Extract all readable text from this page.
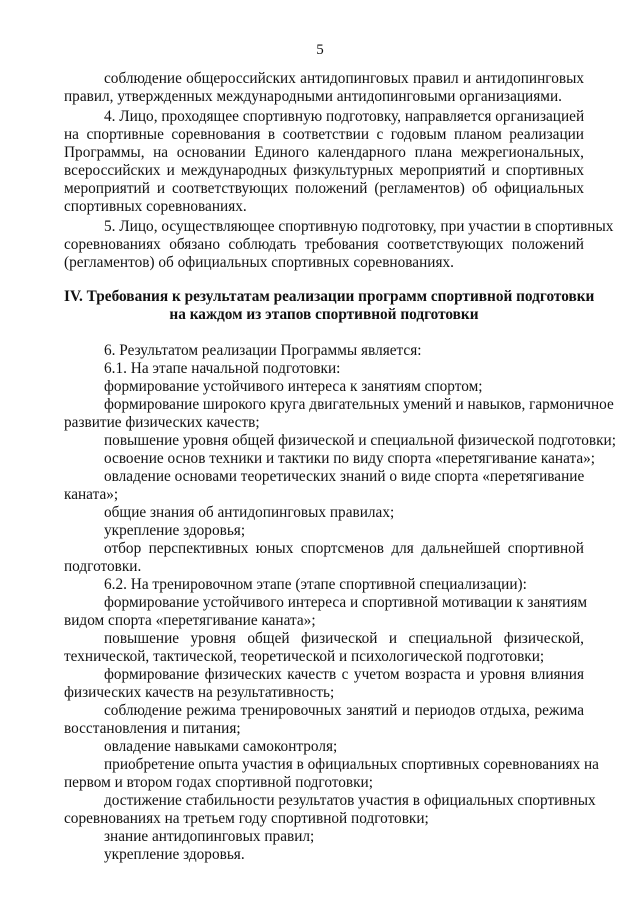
5
соблюдение общероссийских антидопинговых правил и антидопинговых
правил, утвержденных международными антидопинговыми организациями.
4. Лицо, проходящее спортивную подготовку, направляется организацией
на спортивные соревнования в соответствии с годовым планом реализации
Программы, на основании Единого календарного плана межрегиональных,
всероссийских и международных физкультурных мероприятий и спортивных
мероприятий и соответствующих положений (регламентов) об официальных
спортивных соревнованиях.
5. Лицо, осуществляющее спортивную подготовку, при участии в спортивных
соревнованиях обязано соблюдать требования соответствующих положений
(регламентов) об официальных спортивных соревнованиях.
IV. Требования к результатам реализации программ спортивной подготовки
на каждом из этапов спортивной подготовки
6. Результатом реализации Программы является:
6.1. На этапе начальной подготовки:
формирование устойчивого интереса к занятиям спортом;
формирование широкого круга двигательных умений и навыков, гармоничное
развитие физических качеств;
повышение уровня общей физической и специальной физической подготовки;
освоение основ техники и тактики по виду спорта «перетягивание каната»;
овладение основами теоретических знаний о виде спорта «перетягивание
каната»;
общие знания об антидопинговых правилах;
укрепление здоровья;
отбор перспективных юных спортсменов для дальнейшей спортивной
подготовки.
6.2. На тренировочном этапе (этапе спортивной специализации):
формирование устойчивого интереса и спортивной мотивации к занятиям
видом спорта «перетягивание каната»;
повышение уровня общей физической и специальной физической,
технической, тактической, теоретической и психологической подготовки;
формирование физических качеств с учетом возраста и уровня влияния
физических качеств на результативность;
соблюдение режима тренировочных занятий и периодов отдыха, режима
восстановления и питания;
овладение навыками самоконтроля;
приобретение опыта участия в официальных спортивных соревнованиях на
первом и втором годах спортивной подготовки;
достижение стабильности результатов участия в официальных спортивных
соревнованиях на третьем году спортивной подготовки;
знание антидопинговых правил;
укрепление здоровья.
